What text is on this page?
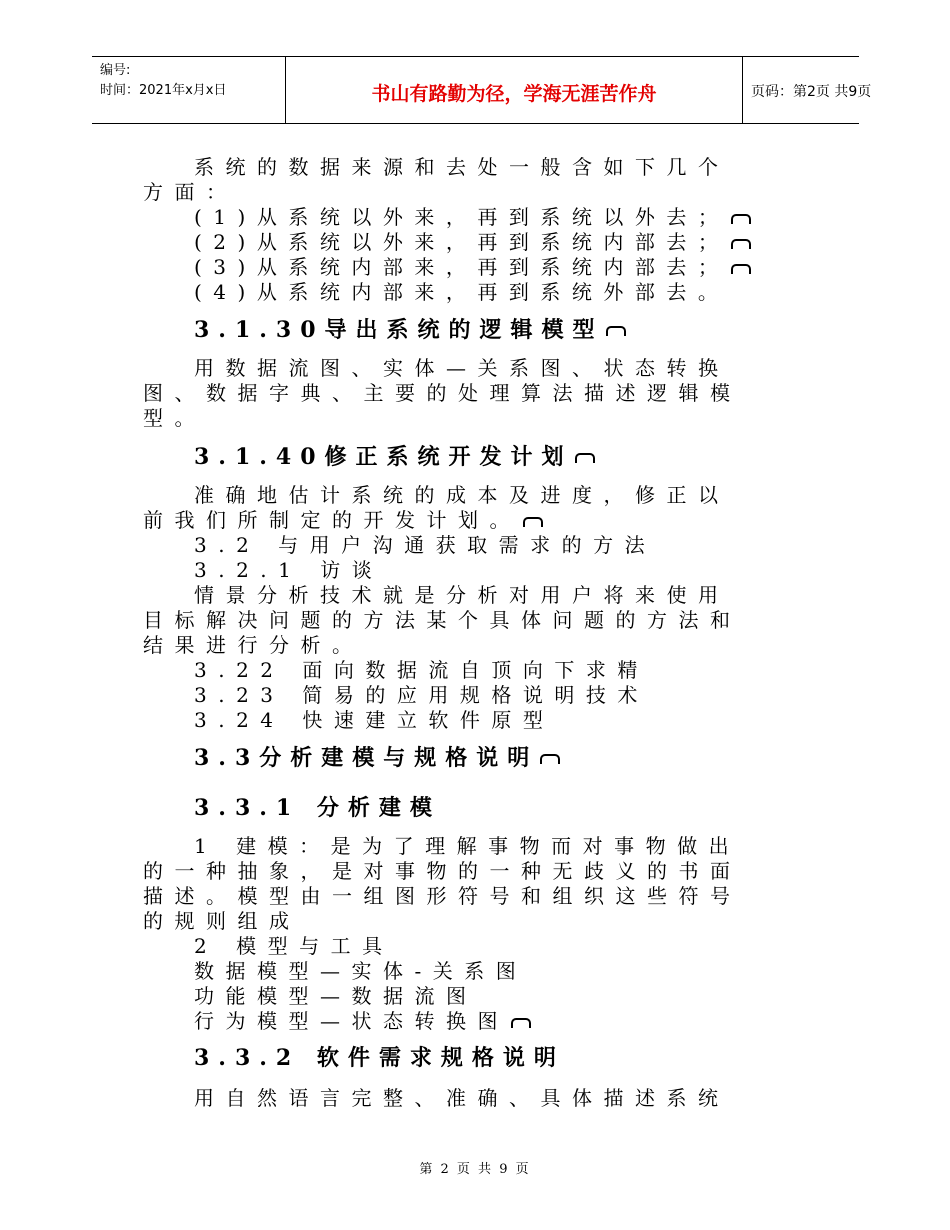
编号:
时间：2021年x月x日	书山有路勤为径，学海无涯苦作舟	页码：第2页 共9页
系统的数据来源和去处一般含如下几个
方面：
(1)从系统以外来，再到系统以外去；
(2)从系统以外来，再到系统内部去；
(3)从系统内部来，再到系统内部去；
(4)从系统内部来，再到系统外部去。
3.1.30导出系统的逻辑模型
用数据流图、实体—关系图、状态转换
图、数据字典、主要的处理算法描述逻辑模
型。
3.1.40修正系统开发计划
准确地估计系统的成本及进度，修正以
前我们所制定的开发计划。
3.2 与用户沟通获取需求的方法
3.2.1 访谈
情景分析技术就是分析对用户将来使用
目标解决问题的方法某个具体问题的方法和
结果进行分析。
3.22 面向数据流自顶向下求精
3.23 简易的应用规格说明技术
3.24 快速建立软件原型
3.3分析建模与规格说明
3.3.1 分析建模
1 建模：是为了理解事物而对事物做出
的一种抽象，是对事物的一种无歧义的书面
描述。模型由一组图形符号和组织这些符号
的规则组成
2 模型与工具
数据模型—实体-关系图
功能模型—数据流图
行为模型—状态转换图
3.3.2 软件需求规格说明
用自然语言完整、准确、具体描述系统
第 2 页 共 9 页
